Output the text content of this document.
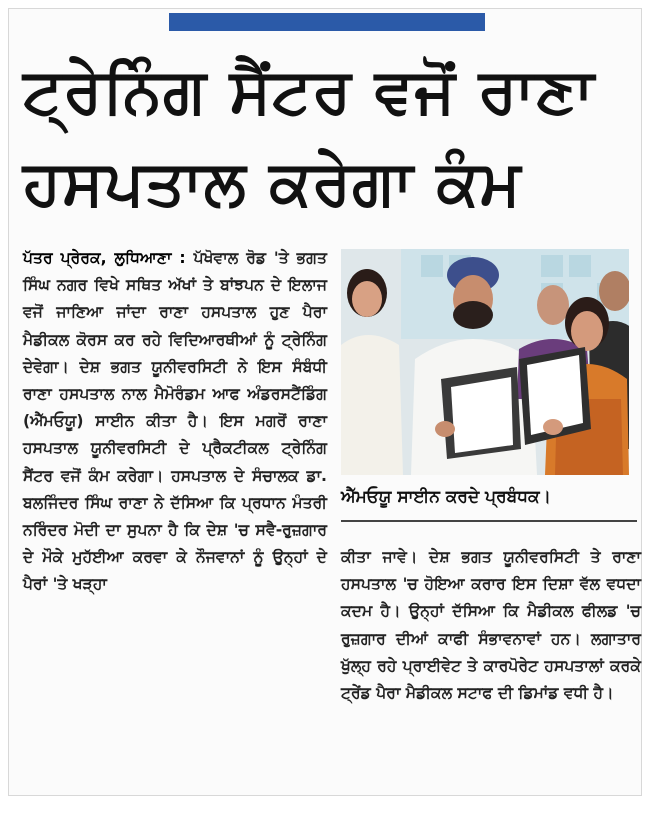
ਟ੍ਰੇਨਿੰਗ ਸੈਂਟਰ ਵਜੋਂ ਰਾਣਾ
ਹਸਪਤਾਲ ਕਰੇਗਾ ਕੰਮ

ਪੱਤਰ ਪ੍ਰੇਰਕ, ਲੁਧਿਆਣਾ : ਪੱਖੋਵਾਲ ਰੋਡ 'ਤੇ ਭਗਤ ਸਿੰਘ ਨਗਰ ਵਿਖੇ ਸਥਿਤ ਅੱਖਾਂ ਤੇ ਬਾਂਝਪਨ ਦੇ ਇਲਾਜ ਵਜੋਂ ਜਾਣਿਆ ਜਾਂਦਾ ਰਾਣਾ ਹਸਪਤਾਲ ਹੁਣ ਪੈਰਾ ਮੈਡੀਕਲ ਕੋਰਸ ਕਰ ਰਹੇ ਵਿਦਿਆਰਥੀਆਂ ਨੂੰ ਟ੍ਰੇਨਿੰਗ ਦੇਵੇਗਾ। ਦੇਸ਼ ਭਗਤ ਯੂਨੀਵਰਸਿਟੀ ਨੇ ਇਸ ਸੰਬੰਧੀ ਰਾਣਾ ਹਸਪਤਾਲ ਨਾਲ ਮੈਮੋਰੰਡਮ ਆਫ ਅੰਡਰਸਟੈਂਡਿੰਗ (ਐੱਮਓਯੂ) ਸਾਈਨ ਕੀਤਾ ਹੈ। ਇਸ ਮਗਰੋਂ ਰਾਣਾ ਹਸਪਤਾਲ ਯੂਨੀਵਰਸਿਟੀ ਦੇ ਪ੍ਰੈਕਟੀਕਲ ਟ੍ਰੇਨਿੰਗ ਸੈਂਟਰ ਵਜੋਂ ਕੰਮ ਕਰੇਗਾ। ਹਸਪਤਾਲ ਦੇ ਸੰਚਾਲਕ ਡਾ. ਬਲਜਿੰਦਰ ਸਿੰਘ ਰਾਣਾ ਨੇ ਦੱਸਿਆ ਕਿ ਪ੍ਰਧਾਨ ਮੰਤਰੀ ਨਰਿੰਦਰ ਮੋਦੀ ਦਾ ਸੁਪਨਾ ਹੈ ਕਿ ਦੇਸ਼ 'ਚ ਸਵੈ-ਰੁਜ਼ਗਾਰ ਦੇ ਮੌਕੇ ਮੁਹੱਈਆ ਕਰਵਾ ਕੇ ਨੌਜਵਾਨਾਂ ਨੂੰ ਉਨ੍ਹਾਂ ਦੇ ਪੈਰਾਂ 'ਤੇ ਖੜ੍ਹਾ

ਐੱਮਓਯੂ ਸਾਈਨ ਕਰਦੇ ਪ੍ਰਬੰਧਕ।

ਕੀਤਾ ਜਾਵੇ। ਦੇਸ਼ ਭਗਤ ਯੂਨੀਵਰਸਿਟੀ ਤੇ ਰਾਣਾ ਹਸਪਤਾਲ 'ਚ ਹੋਇਆ ਕਰਾਰ ਇਸ ਦਿਸ਼ਾ ਵੱਲ ਵਧਦਾ ਕਦਮ ਹੈ। ਉਨ੍ਹਾਂ ਦੱਸਿਆ ਕਿ ਮੈਡੀਕਲ ਫੀਲਡ 'ਚ ਰੁਜ਼ਗਾਰ ਦੀਆਂ ਕਾਫੀ ਸੰਭਾਵਨਾਵਾਂ ਹਨ। ਲਗਾਤਾਰ ਖੁੱਲ੍ਹ ਰਹੇ ਪ੍ਰਾਈਵੇਟ ਤੇ ਕਾਰਪੋਰੇਟ ਹਸਪਤਾਲਾਂ ਕਰਕੇ ਟ੍ਰੇਂਡ ਪੈਰਾ ਮੈਡੀਕਲ ਸਟਾਫ ਦੀ ਡਿਮਾਂਡ ਵਧੀ ਹੈ।
